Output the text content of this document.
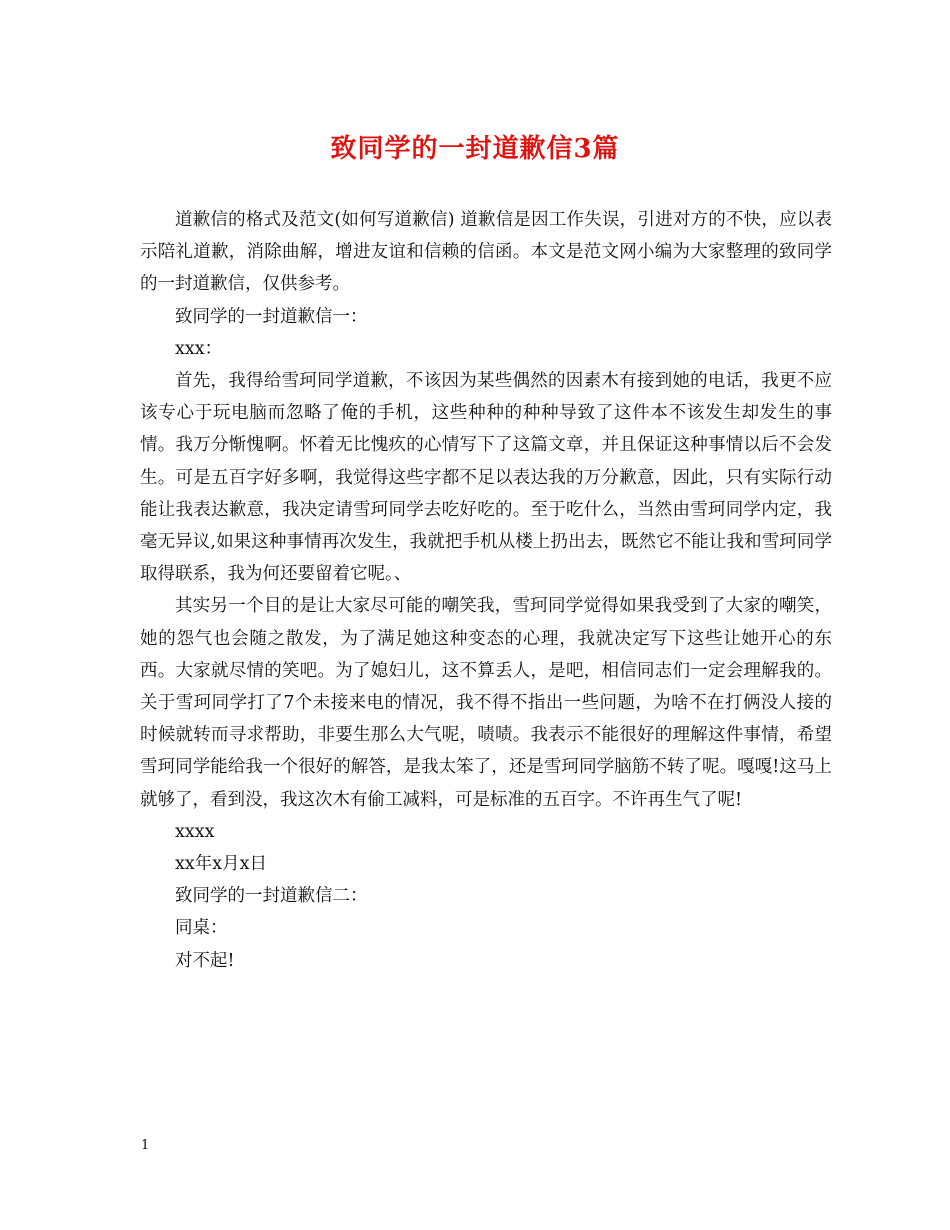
致同学的一封道歉信3篇

道歉信的格式及范文(如何写道歉信) 道歉信是因工作失误，引进对方的不快，应以表示陪礼道歉，消除曲解，增进友谊和信赖的信函。本文是范文网小编为大家整理的致同学的一封道歉信，仅供参考。

致同学的一封道歉信一：

xxx：

首先，我得给雪珂同学道歉，不该因为某些偶然的因素木有接到她的电话，我更不应该专心于玩电脑而忽略了俺的手机，这些种种的种种导致了这件本不该发生却发生的事情。我万分惭愧啊。怀着无比愧疚的心情写下了这篇文章，并且保证这种事情以后不会发生。可是五百字好多啊，我觉得这些字都不足以表达我的万分歉意，因此，只有实际行动能让我表达歉意，我决定请雪珂同学去吃好吃的。至于吃什么，当然由雪珂同学内定，我毫无异议,如果这种事情再次发生，我就把手机从楼上扔出去，既然它不能让我和雪珂同学取得联系，我为何还要留着它呢。、

其实另一个目的是让大家尽可能的嘲笑我，雪珂同学觉得如果我受到了大家的嘲笑，她的怨气也会随之散发，为了满足她这种变态的心理，我就决定写下这些让她开心的东西。大家就尽情的笑吧。为了媳妇儿，这不算丢人，是吧，相信同志们一定会理解我的。关于雪珂同学打了7个未接来电的情况，我不得不指出一些问题，为啥不在打俩没人接的时候就转而寻求帮助，非要生那么大气呢，啧啧。我表示不能很好的理解这件事情，希望雪珂同学能给我一个很好的解答，是我太笨了，还是雪珂同学脑筋不转了呢。嘎嘎!这马上就够了，看到没，我这次木有偷工减料，可是标准的五百字。不许再生气了呢!

xxxx

xx年x月x日

致同学的一封道歉信二：

同桌：

对不起!

1
